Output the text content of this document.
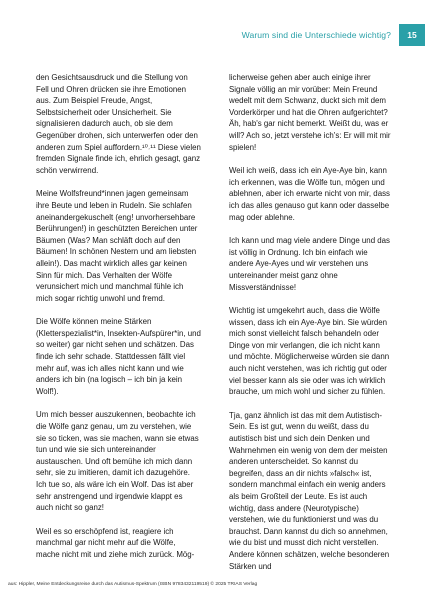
Warum sind die Unterschiede wichtig?	15

den Gesichtsausdruck und die Stellung von Fell und Ohren drücken sie ihre Emotionen aus. Zum Beispiel Freude, Angst, Selbstsicherheit oder Unsicherheit. Sie signalisieren dadurch auch, ob sie dem Gegenüber drohen, sich unterwerfen oder den anderen zum Spiel auffordern.¹⁰˒¹¹ Diese vielen fremden Signale finde ich, ehrlich gesagt, ganz schön verwirrend.

Meine Wolfsfreund*innen jagen gemeinsam ihre Beute und leben in Rudeln. Sie schlafen aneinandergekuschelt (eng! unvorhersehbare Berührungen!) in geschützten Bereichen unter Bäumen (Was? Man schläft doch auf den Bäumen! In schönen Nestern und am liebsten allein!). Das macht wirklich alles gar keinen Sinn für mich. Das Verhalten der Wölfe verunsichert mich und manchmal fühle ich mich sogar richtig unwohl und fremd.

Die Wölfe können meine Stärken (Kletterspezialist*in, Insekten-Aufspürer*in, und so weiter) gar nicht sehen und schätzen. Das finde ich sehr schade. Stattdessen fällt viel mehr auf, was ich alles nicht kann und wie anders ich bin (na logisch – ich bin ja kein Wolf!).

Um mich besser auszukennen, beobachte ich die Wölfe ganz genau, um zu verstehen, wie sie so ticken, was sie machen, wann sie etwas tun und wie sie sich untereinander austauschen. Und oft bemühe ich mich dann sehr, sie zu imitieren, damit ich dazugehöre. Ich tue so, als wäre ich ein Wolf. Das ist aber sehr anstrengend und irgendwie klappt es auch nicht so ganz!

Weil es so erschöpfend ist, reagiere ich manchmal gar nicht mehr auf die Wölfe, mache nicht mit und ziehe mich zurück. Mög-

licherweise gehen aber auch einige ihrer Signale völlig an mir vorüber: Mein Freund wedelt mit dem Schwanz, duckt sich mit dem Vorderkörper und hat die Ohren aufgerichtet? Äh, hab's gar nicht bemerkt. Weißt du, was er will? Ach so, jetzt verstehe ich's: Er will mit mir spielen!

Weil ich weiß, dass ich ein Aye-Aye bin, kann ich erkennen, was die Wölfe tun, mögen und ablehnen, aber ich erwarte nicht von mir, dass ich das alles genauso gut kann oder dasselbe mag oder ablehne.

Ich kann und mag viele andere Dinge und das ist völlig in Ordnung. Ich bin einfach wie andere Aye-Ayes und wir verstehen uns untereinander meist ganz ohne Missverständnisse!

Wichtig ist umgekehrt auch, dass die Wölfe wissen, dass ich ein Aye-Aye bin. Sie würden mich sonst vielleicht falsch behandeln oder Dinge von mir verlangen, die ich nicht kann und möchte. Möglicherweise würden sie dann auch nicht verstehen, was ich richtig gut oder viel besser kann als sie oder was ich wirklich brauche, um mich wohl und sicher zu fühlen.

Tja, ganz ähnlich ist das mit dem Autistisch-Sein. Es ist gut, wenn du weißt, dass du autistisch bist und sich dein Denken und Wahrnehmen ein wenig von dem der meisten anderen unterscheidet. So kannst du begreifen, dass an dir nichts »falsch« ist, sondern manchmal einfach ein wenig anders als beim Großteil der Leute. Es ist auch wichtig, dass andere (Neurotypische) verstehen, wie du funktionierst und was du brauchst. Dann kannst du dich so annehmen, wie du bist und musst dich nicht verstellen. Andere können schätzen, welche besonderen Stärken und

aus: Hippler, Meine Entdeckungsreise durch das Autismus-Spektrum (ISBN 9783432119519) © 2025 TRIAS Verlag
